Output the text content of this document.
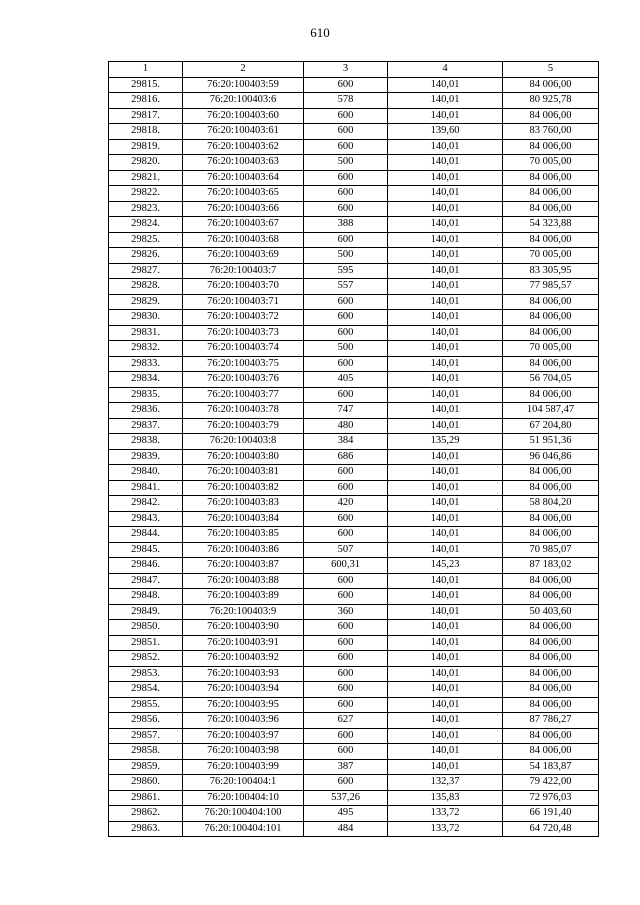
610
1	2	3	4	5
29815.	76:20:100403:59	600	140,01	84 006,00
29816.	76:20:100403:6	578	140,01	80 925,78
29817.	76:20:100403:60	600	140,01	84 006,00
29818.	76:20:100403:61	600	139,60	83 760,00
29819.	76:20:100403:62	600	140,01	84 006,00
29820.	76:20:100403:63	500	140,01	70 005,00
29821.	76:20:100403:64	600	140,01	84 006,00
29822.	76:20:100403:65	600	140,01	84 006,00
29823.	76:20:100403:66	600	140,01	84 006,00
29824.	76:20:100403:67	388	140,01	54 323,88
29825.	76:20:100403:68	600	140,01	84 006,00
29826.	76:20:100403:69	500	140,01	70 005,00
29827.	76:20:100403:7	595	140,01	83 305,95
29828.	76:20:100403:70	557	140,01	77 985,57
29829.	76:20:100403:71	600	140,01	84 006,00
29830.	76:20:100403:72	600	140,01	84 006,00
29831.	76:20:100403:73	600	140,01	84 006,00
29832.	76:20:100403:74	500	140,01	70 005,00
29833.	76:20:100403:75	600	140,01	84 006,00
29834.	76:20:100403:76	405	140,01	56 704,05
29835.	76:20:100403:77	600	140,01	84 006,00
29836.	76:20:100403:78	747	140,01	104 587,47
29837.	76:20:100403:79	480	140,01	67 204,80
29838.	76:20:100403:8	384	135,29	51 951,36
29839.	76:20:100403:80	686	140,01	96 046,86
29840.	76:20:100403:81	600	140,01	84 006,00
29841.	76:20:100403:82	600	140,01	84 006,00
29842.	76:20:100403:83	420	140,01	58 804,20
29843.	76:20:100403:84	600	140,01	84 006,00
29844.	76:20:100403:85	600	140,01	84 006,00
29845.	76:20:100403:86	507	140,01	70 985,07
29846.	76:20:100403:87	600,31	145,23	87 183,02
29847.	76:20:100403:88	600	140,01	84 006,00
29848.	76:20:100403:89	600	140,01	84 006,00
29849.	76:20:100403:9	360	140,01	50 403,60
29850.	76:20:100403:90	600	140,01	84 006,00
29851.	76:20:100403:91	600	140,01	84 006,00
29852.	76:20:100403:92	600	140,01	84 006,00
29853.	76:20:100403:93	600	140,01	84 006,00
29854.	76:20:100403:94	600	140,01	84 006,00
29855.	76:20:100403:95	600	140,01	84 006,00
29856.	76:20:100403:96	627	140,01	87 786,27
29857.	76:20:100403:97	600	140,01	84 006,00
29858.	76:20:100403:98	600	140,01	84 006,00
29859.	76:20:100403:99	387	140,01	54 183,87
29860.	76:20:100404:1	600	132,37	79 422,00
29861.	76:20:100404:10	537,26	135,83	72 976,03
29862.	76:20:100404:100	495	133,72	66 191,40
29863.	76:20:100404:101	484	133,72	64 720,48
